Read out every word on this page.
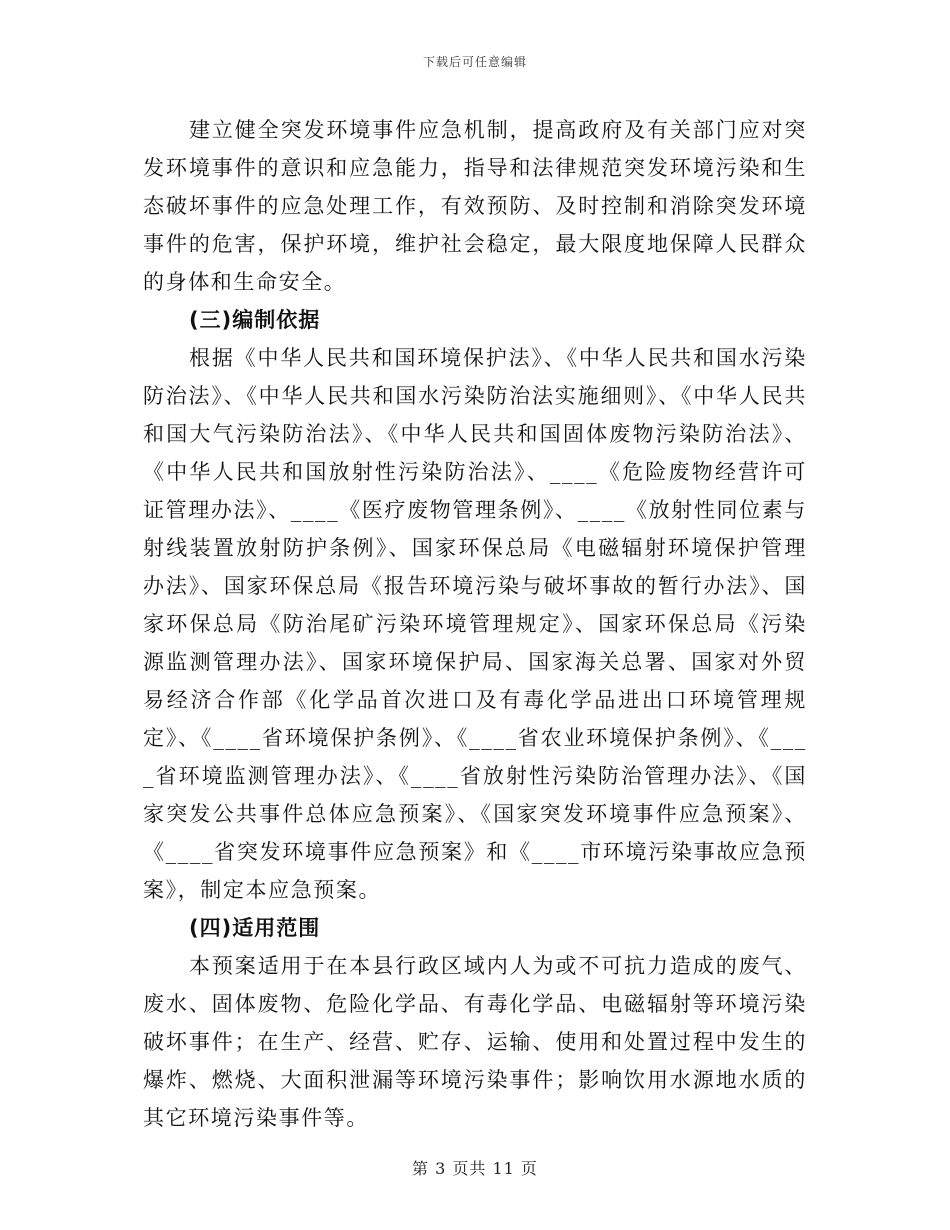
下载后可任意编辑

建立健全突发环境事件应急机制，提高政府及有关部门应对突发环境事件的意识和应急能力，指导和法律规范突发环境污染和生态破坏事件的应急处理工作，有效预防、及时控制和消除突发环境事件的危害，保护环境，维护社会稳定，最大限度地保障人民群众的身体和生命安全。

(三)编制依据

根据《中华人民共和国环境保护法》、《中华人民共和国水污染防治法》、《中华人民共和国水污染防治法实施细则》、《中华人民共和国大气污染防治法》、《中华人民共和国固体废物污染防治法》、《中华人民共和国放射性污染防治法》、____《危险废物经营许可证管理办法》、____《医疗废物管理条例》、____《放射性同位素与射线装置放射防护条例》、国家环保总局《电磁辐射环境保护管理办法》、国家环保总局《报告环境污染与破坏事故的暂行办法》、国家环保总局《防治尾矿污染环境管理规定》、国家环保总局《污染源监测管理办法》、国家环境保护局、国家海关总署、国家对外贸易经济合作部《化学品首次进口及有毒化学品进出口环境管理规定》、《____省环境保护条例》、《____省农业环境保护条例》、《____省环境监测管理办法》、《____省放射性污染防治管理办法》、《国家突发公共事件总体应急预案》、《国家突发环境事件应急预案》、《____省突发环境事件应急预案》和《____市环境污染事故应急预案》，制定本应急预案。

(四)适用范围

本预案适用于在本县行政区域内人为或不可抗力造成的废气、废水、固体废物、危险化学品、有毒化学品、电磁辐射等环境污染破坏事件；在生产、经营、贮存、运输、使用和处置过程中发生的爆炸、燃烧、大面积泄漏等环境污染事件；影响饮用水源地水质的其它环境污染事件等。

第 3 页共 11 页
